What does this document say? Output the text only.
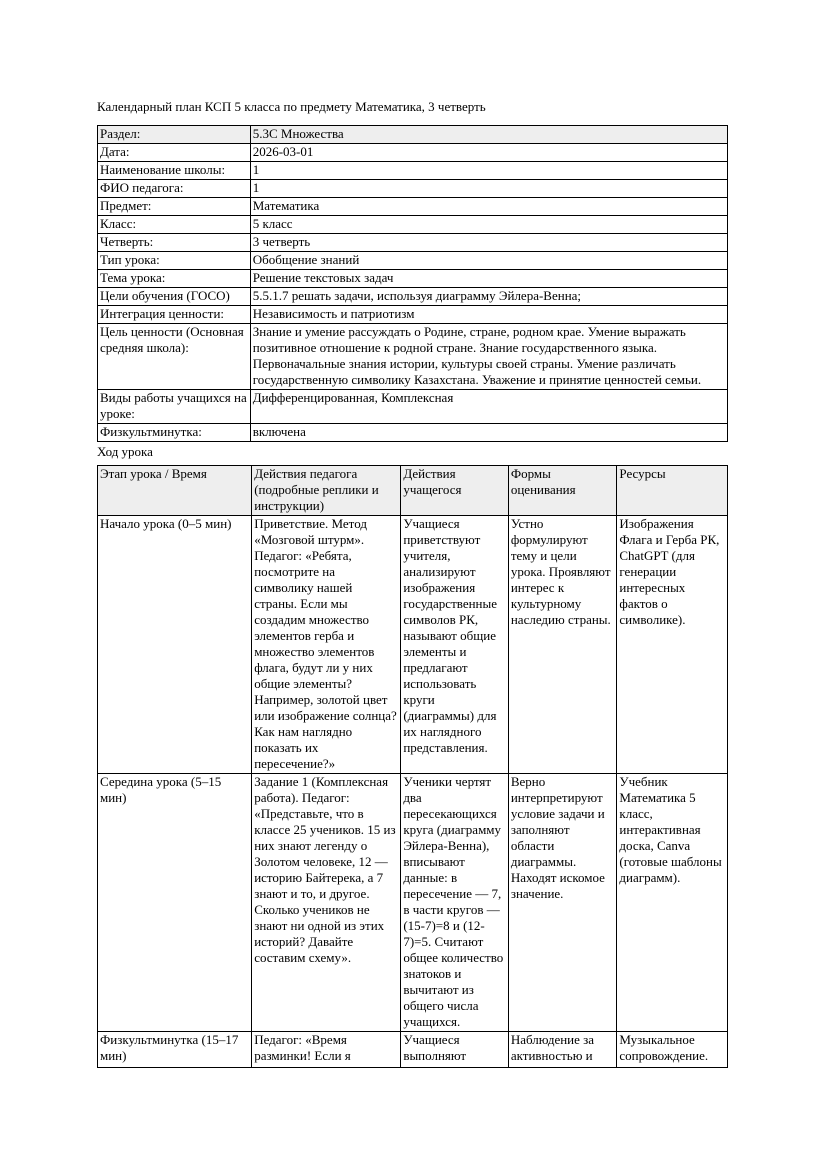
Календарный план КСП 5 класса по предмету Математика, 3 четверть

Раздел:	5.3C Множества
Дата:	2026-03-01
Наименование школы:	1
ФИО педагога:	1
Предмет:	Математика
Класс:	5 класс
Четверть:	3 четверть
Тип урока:	Обобщение знаний
Тема урока:	Решение текстовых задач
Цели обучения (ГОСО)	5.5.1.7 решать задачи, используя диаграмму Эйлера-Венна;
Интеграция ценности:	Независимость и патриотизм
Цель ценности (Основная средняя школа):	Знание и умение рассуждать о Родине, стране, родном крае. Умение выражать позитивное отношение к родной стране. Знание государственного языка. Первоначальные знания истории, культуры своей страны. Умение различать государственную символику Казахстана. Уважение и принятие ценностей семьи.
Виды работы учащихся на уроке:	Дифференцированная, Комплексная
Физкультминутка:	включена

Ход урока

Этап урока / Время	Действия педагога (подробные реплики и инструкции)	Действия учащегося	Формы оценивания	Ресурсы
Начало урока (0–5 мин)	Приветствие. Метод «Мозговой штурм». Педагог: «Ребята, посмотрите на символику нашей страны. Если мы создадим множество элементов герба и множество элементов флага, будут ли у них общие элементы? Например, золотой цвет или изображение солнца? Как нам наглядно показать их пересечение?»	Учащиеся приветствуют учителя, анализируют изображения государственные символов РК, называют общие элементы и предлагают использовать круги (диаграммы) для их наглядного представления.	Устно формулируют тему и цели урока. Проявляют интерес к культурному наследию страны.	Изображения Флага и Герба РК, ChatGPT (для генерации интересных фактов о символике).
Середина урока (5–15 мин)	Задание 1 (Комплексная работа). Педагог: «Представьте, что в классе 25 учеников. 15 из них знают легенду о Золотом человеке, 12 — историю Байтерека, а 7 знают и то, и другое. Сколько учеников не знают ни одной из этих историй? Давайте составим схему».	Ученики чертят два пересекающихся круга (диаграмму Эйлера-Венна), вписывают данные: в пересечение — 7, в части кругов — (15-7)=8 и (12-7)=5. Считают общее количество знатоков и вычитают из общего числа учащихся.	Верно интерпретируют условие задачи и заполняют области диаграммы. Находят искомое значение.	Учебник Математика 5 класс, интерактивная доска, Canva (готовые шаблоны диаграмм).
Физкультминутка (15–17 мин)	Педагог: «Время разминки! Если я	Учащиеся выполняют	Наблюдение за активностью и	Музыкальное сопровождение.
